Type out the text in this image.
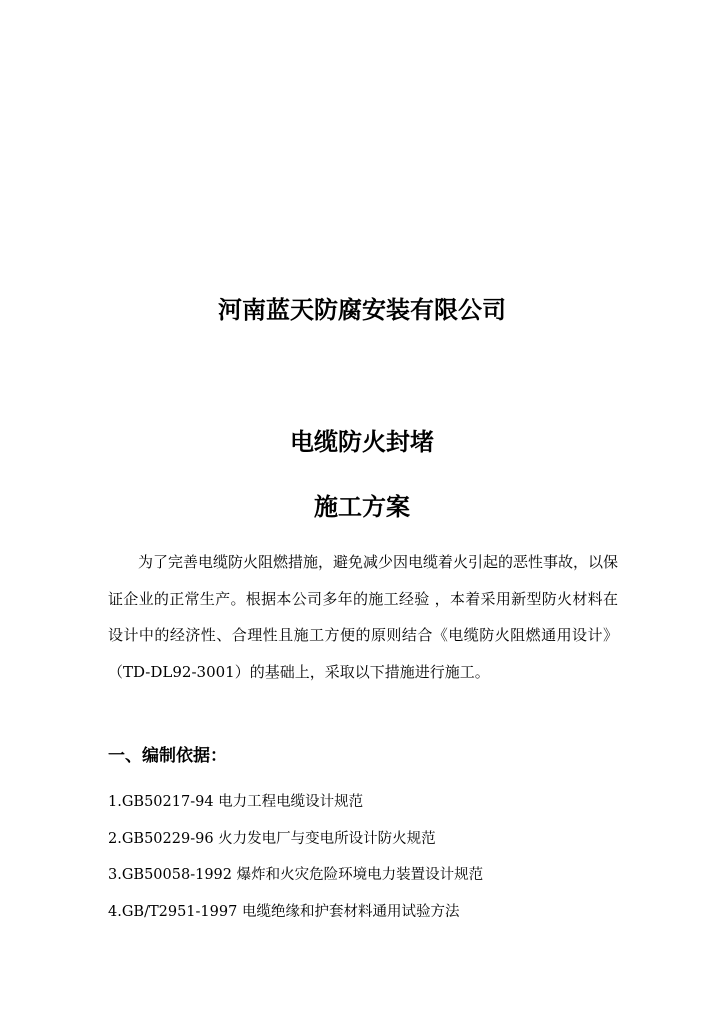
河南蓝天防腐安装有限公司
电缆防火封堵
施工方案

为了完善电缆防火阻燃措施，避免减少因电缆着火引起的恶性事故，以保证企业的正常生产。根据本公司多年的施工经验 ，本着采用新型防火材料在设计中的经济性、合理性且施工方便的原则结合《电缆防火阻燃通用设计》（TD-DL92-3001）的基础上，采取以下措施进行施工。

一、编制依据：
1.GB50217-94 电力工程电缆设计规范
2.GB50229-96 火力发电厂与变电所设计防火规范
3.GB50058-1992 爆炸和火灾危险环境电力装置设计规范
4.GB/T2951-1997 电缆绝缘和护套材料通用试验方法
